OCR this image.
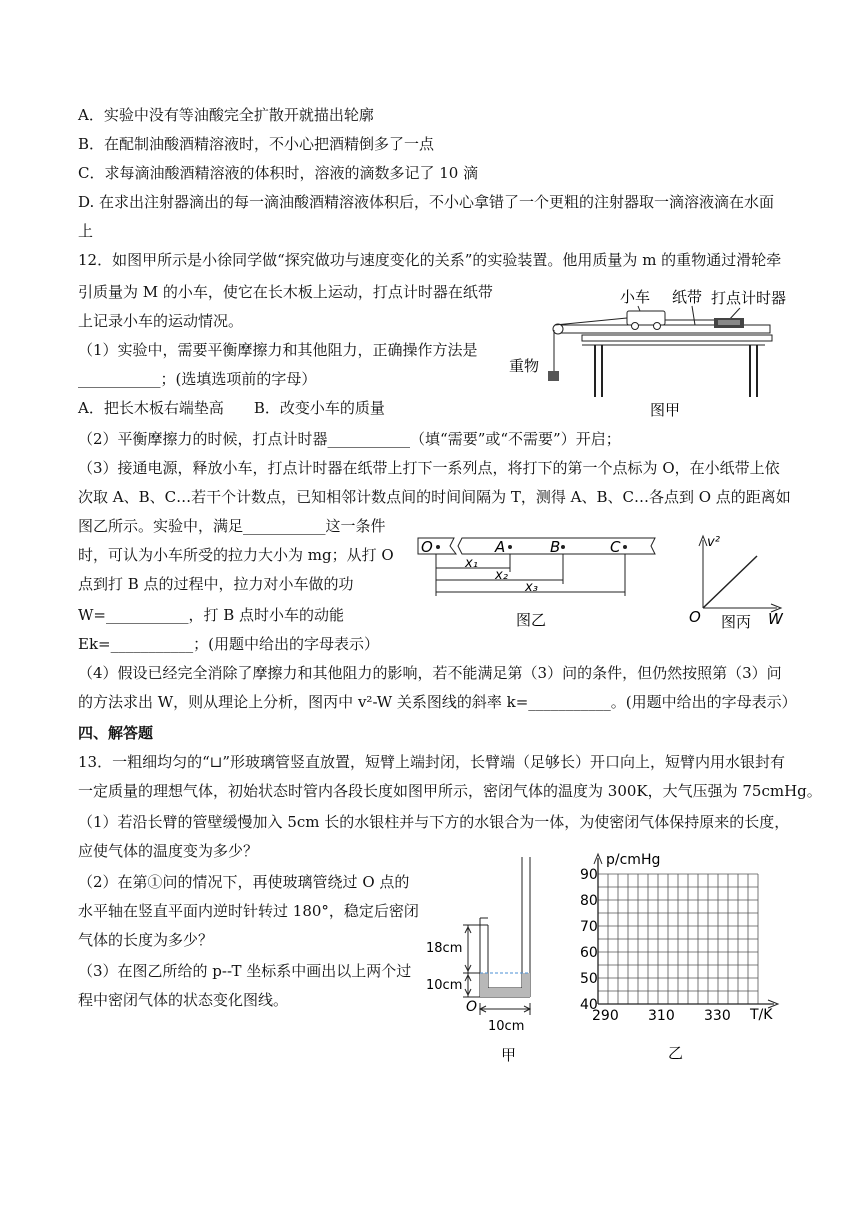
A．实验中没有等油酸完全扩散开就描出轮廓
B．在配制油酸酒精溶液时，不小心把酒精倒多了一点
C．求每滴油酸酒精溶液的体积时，溶液的滴数多记了 10 滴
D. 在求出注射器滴出的每一滴油酸酒精溶液体积后，不小心拿错了一个更粗的注射器取一滴溶液滴在水面
上
12．如图甲所示是小徐同学做“探究做功与速度变化的关系”的实验装置。他用质量为 m 的重物通过滑轮牵
引质量为 M 的小车，使它在长木板上运动，打点计时器在纸带
上记录小车的运动情况。
（1）实验中，需要平衡摩擦力和其他阻力，正确操作方法是
___________；(选填选项前的字母）
A．把长木板右端垫高　　B．改变小车的质量
（2）平衡摩擦力的时候，打点计时器___________（填“需要”或“不需要”）开启；
（3）接通电源，释放小车，打点计时器在纸带上打下一系列点，将打下的第一个点标为 O，在小纸带上依
次取 A、B、C…若干个计数点，已知相邻计数点间的时间间隔为 T，测得 A、B、C…各点到 O 点的距离如
图乙所示。实验中，满足___________这一条件
时，可认为小车所受的拉力大小为 mg；从打 O
点到打 B 点的过程中，拉力对小车做的功
W=___________，打 B 点时小车的动能
Ek=___________；(用题中给出的字母表示）
（4）假设已经完全消除了摩擦力和其他阻力的影响，若不能满足第（3）问的条件，但仍然按照第（3）问
的方法求出 W，则从理论上分析，图丙中 v²-W 关系图线的斜率 k=___________。(用题中给出的字母表示）
四、解答题
13．一粗细均匀的“⊔”形玻璃管竖直放置，短臂上端封闭，长臂端（足够长）开口向上，短臂内用水银封有
一定质量的理想气体，初始状态时管内各段长度如图甲所示，密闭气体的温度为 300K，大气压强为 75cmHg。
（1）若沿长臂的管壁缓慢加入 5cm 长的水银柱并与下方的水银合为一体，为使密闭气体保持原来的长度，
应使气体的温度变为多少？
（2）在第①问的情况下，再使玻璃管绕过 O 点的
水平轴在竖直平面内逆时针转过 180°，稳定后密闭
气体的长度为多少？
（3）在图乙所给的 p--T 坐标系中画出以上两个过
程中密闭气体的状态变化图线。
小车 纸带 打点计时器
重物
图甲
O	A	B	C
x₁
x₂
x₃
图乙
v²
W
O 图丙
18cm
10cm
O
10cm
甲
p/cmHg
T/K
90
80
70
60
50
40
290 310 330
乙
